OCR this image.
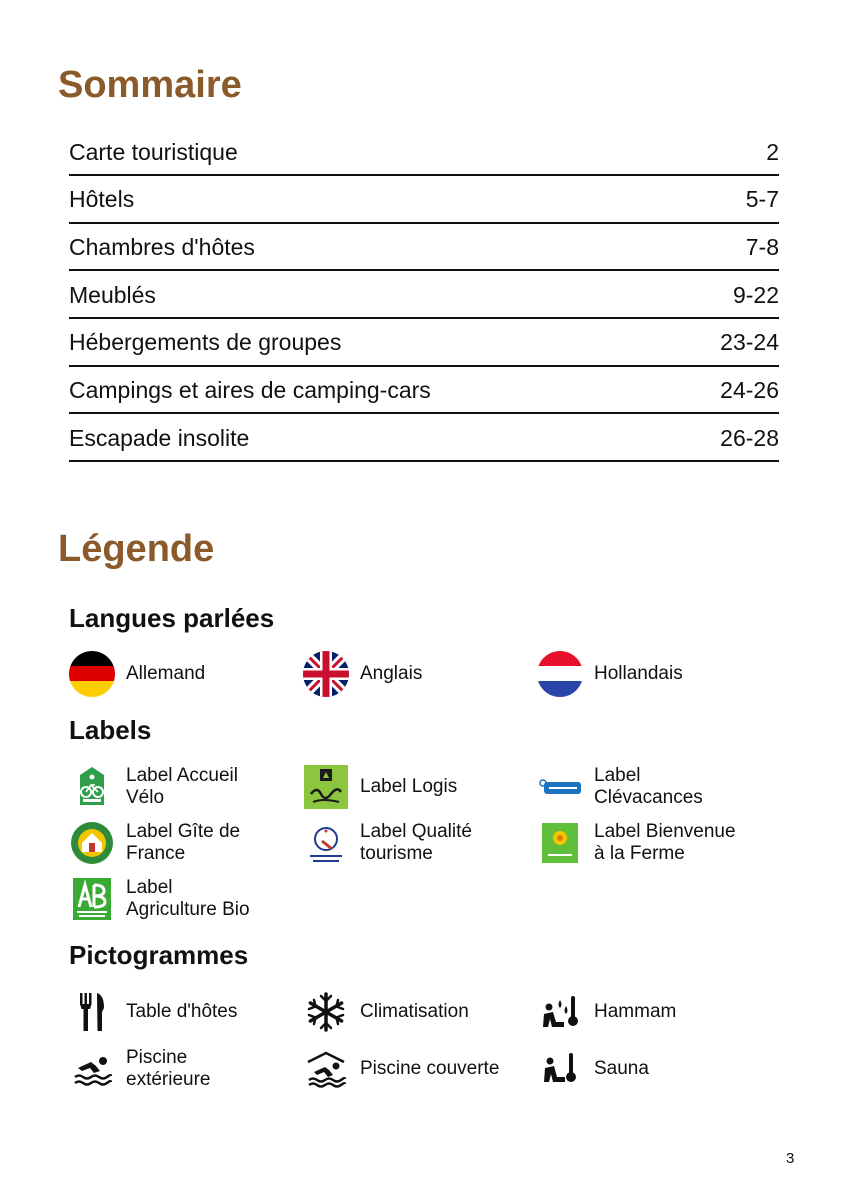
Sommaire
Carte touristique	2
Hôtels	5-7
Chambres d'hôtes	7-8
Meublés	9-22
Hébergements de groupes	23-24
Campings et aires de camping-cars	24-26
Escapade insolite	26-28
Légende
Langues parlées
Allemand	Anglais	Hollandais
Labels
Label Accueil
Vélo
Label Logis
Label
Clévacances
Label Gîte de
France
Label Qualité
tourisme
Label Bienvenue
à la Ferme
Label
Agriculture Bio
Pictogrammes
Table d'hôtes	Climatisation	Hammam
Piscine
extérieure
Piscine couverte	Sauna
3
